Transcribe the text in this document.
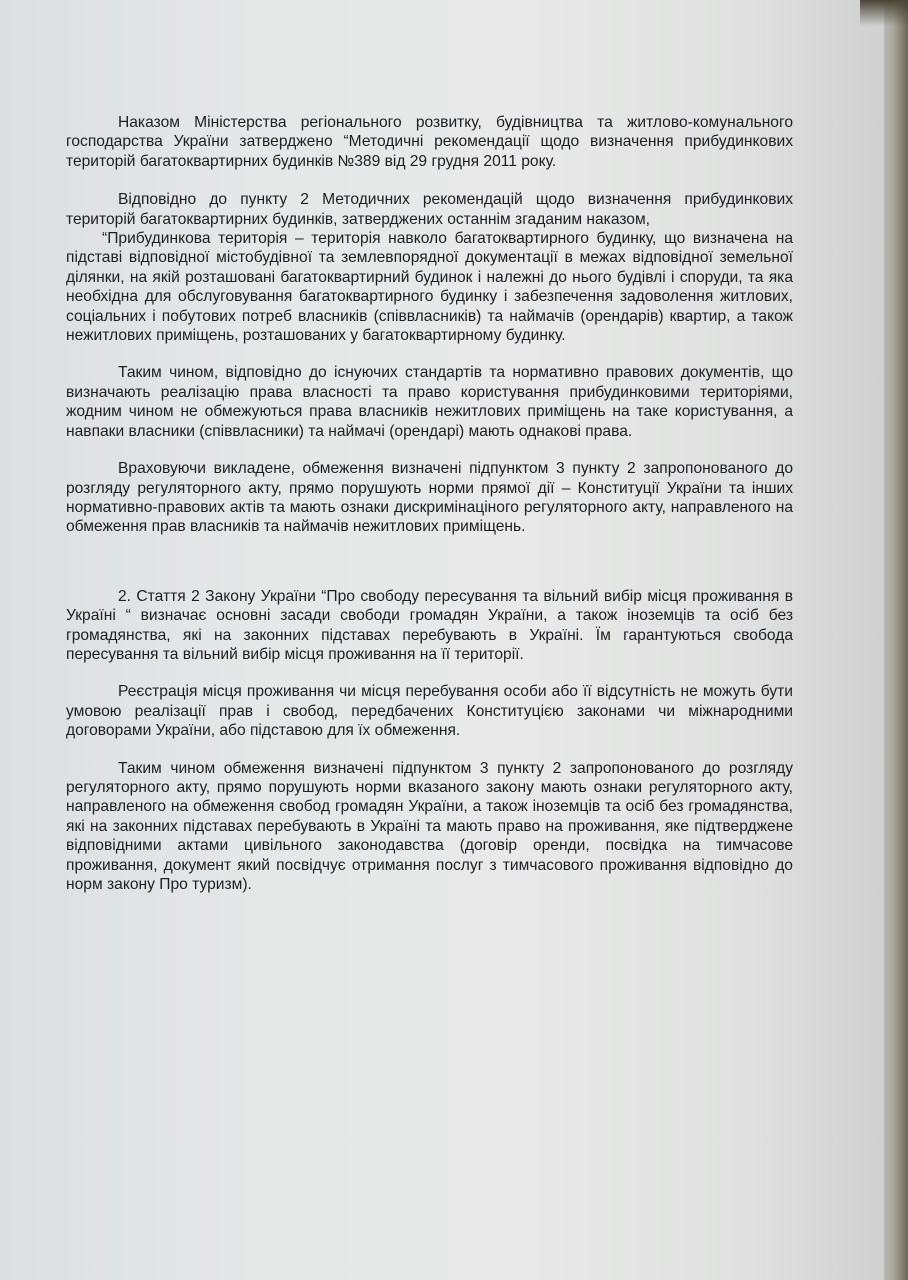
Наказом Міністерства регіонального розвитку, будівництва та житлово-комунального господарства України затверджено “Методичні рекомендації щодо визначення прибудинкових територій багатоквартирних будинків №389 від 29 грудня 2011 року.

Відповідно до пункту 2 Методичних рекомендацій щодо визначення прибудинкових територій багатоквартирних будинків, затверджених останнім згаданим наказом,

“Прибудинкова територія – територія навколо багатоквартирного будинку, що визначена на підставі відповідної містобудівної та землевпорядної документації в межах відповідної земельної ділянки, на якій розташовані багатоквартирний будинок і належні до нього будівлі і споруди, та яка необхідна для обслуговування багатоквартирного будинку і забезпечення задоволення житлових, соціальних і побутових потреб власників (співвласників) та наймачів (орендарів) квартир, а також нежитлових приміщень, розташованих у багатоквартирному будинку.

Таким чином, відповідно до існуючих стандартів та нормативно правових документів, що визначають реалізацію права власності та право користування прибудинковими територіями, жодним чином не обмежуються права власників нежитлових приміщень на таке користування, а навпаки власники (співвласники) та наймачі (орендарі) мають однакові права.

Враховуючи викладене, обмеження визначені підпунктом 3 пункту 2 запропонованого до розгляду регуляторного акту, прямо порушують норми прямої дії – Конституції України та інших нормативно-правових актів та мають ознаки дискримінаціного регуляторного акту, направленого на обмеження прав власників та наймачів нежитлових приміщень.

2. Стаття 2 Закону України “Про свободу пересування та вільний вибір місця проживання в Україні “ визначає основні засади свободи громадян України, а також іноземців та осіб без громадянства, які на законних підставах перебувають в Україні. Їм гарантуються свобода пересування та вільний вибір місця проживання на її території.

Реєстрація місця проживання чи місця перебування особи або її відсутність не можуть бути умовою реалізації прав і свобод, передбачених Конституцією законами чи міжнародними договорами України, або підставою для їх обмеження.

Таким чином обмеження визначені підпунктом 3 пункту 2 запропонованого до розгляду регуляторного акту, прямо порушують норми вказаного закону мають ознаки регуляторного акту, направленого на обмеження свобод громадян України, а також іноземців та осіб без громадянства, які на законних підставах перебувають в Україні та мають право на проживання, яке підтверджене відповідними актами цивільного законодавства (договір оренди, посвідка на тимчасове проживання, документ який посвідчує отримання послуг з тимчасового проживання відповідно до норм закону Про туризм).
